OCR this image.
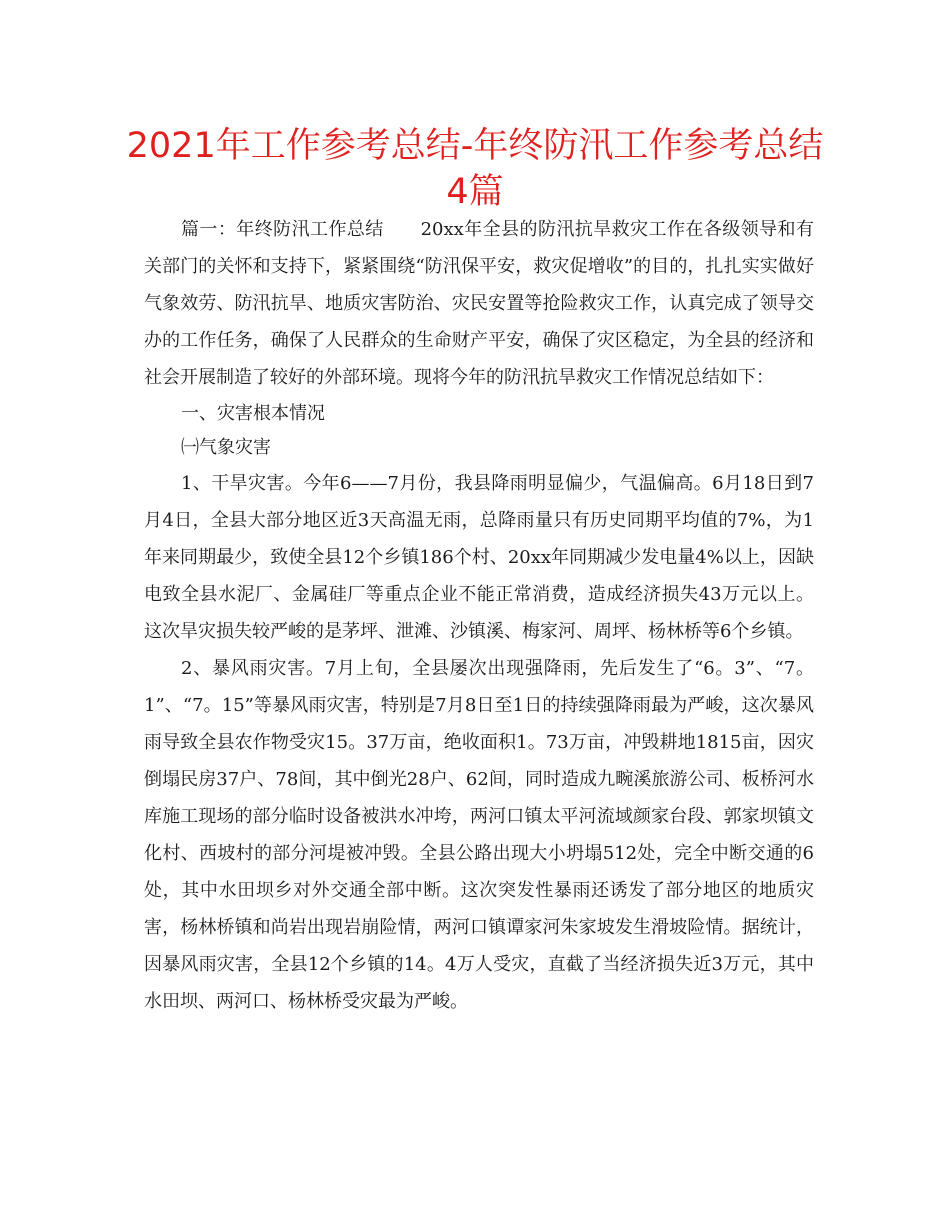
2021年工作参考总结-年终防汛工作参考总结4篇

篇一：年终防汛工作总结　　20xx年全县的防汛抗旱救灾工作在各级领导和有关部门的关怀和支持下，紧紧围绕“防汛保平安，救灾促增收”的目的，扎扎实实做好气象效劳、防汛抗旱、地质灾害防治、灾民安置等抢险救灾工作，认真完成了领导交办的工作任务，确保了人民群众的生命财产平安，确保了灾区稳定，为全县的经济和社会开展制造了较好的外部环境。现将今年的防汛抗旱救灾工作情况总结如下：

一、灾害根本情况

㈠气象灾害

1、干旱灾害。今年6——7月份，我县降雨明显偏少，气温偏高。6月18日到7月4日，全县大部分地区近3天高温无雨，总降雨量只有历史同期平均值的7%，为1年来同期最少，致使全县12个乡镇186个村、20xx年同期减少发电量4%以上，因缺电致全县水泥厂、金属硅厂等重点企业不能正常消费，造成经济损失43万元以上。这次旱灾损失较严峻的是茅坪、泄滩、沙镇溪、梅家河、周坪、杨林桥等6个乡镇。

2、暴风雨灾害。7月上旬，全县屡次出现强降雨，先后发生了“6。3”、“7。1”、“7。15”等暴风雨灾害，特别是7月8日至1日的持续强降雨最为严峻，这次暴风雨导致全县农作物受灾15。37万亩，绝收面积1。73万亩，冲毁耕地1815亩，因灾倒塌民房37户、78间，其中倒光28户、62间，同时造成九畹溪旅游公司、板桥河水库施工现场的部分临时设备被洪水冲垮，两河口镇太平河流域颜家台段、郭家坝镇文化村、西坡村的部分河堤被冲毁。全县公路出现大小坍塌512处，完全中断交通的6处，其中水田坝乡对外交通全部中断。这次突发性暴雨还诱发了部分地区的地质灾害，杨林桥镇和尚岩出现岩崩险情，两河口镇谭家河朱家坡发生滑坡险情。据统计，因暴风雨灾害，全县12个乡镇的14。4万人受灾，直截了当经济损失近3万元，其中水田坝、两河口、杨林桥受灾最为严峻。
